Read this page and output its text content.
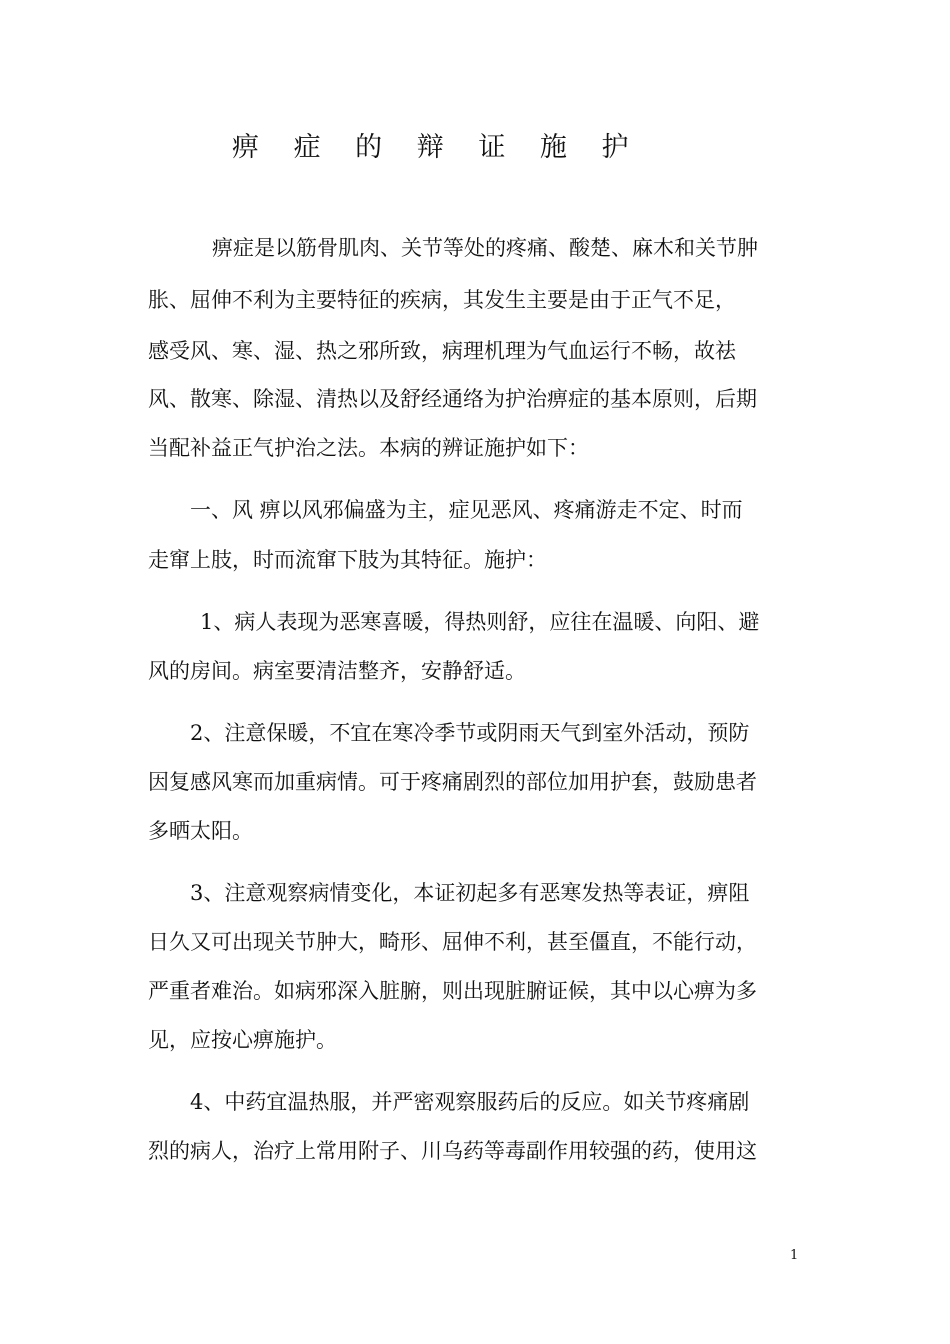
痹 症 的 辩 证 施 护
痹症是以筋骨肌肉、关节等处的疼痛、酸楚、麻木和关节肿
胀、屈伸不利为主要特征的疾病，其发生主要是由于正气不足，
感受风、寒、湿、热之邪所致，病理机理为气血运行不畅，故祛
风、散寒、除湿、清热以及舒经通络为护治痹症的基本原则，后期
当配补益正气护治之法。本病的辨证施护如下：
一、风 痹以风邪偏盛为主，症见恶风、疼痛游走不定、时而
走窜上肢，时而流窜下肢为其特征。施护：
1、病人表现为恶寒喜暖，得热则舒，应往在温暖、向阳、避
风的房间。病室要清洁整齐，安静舒适。
2、注意保暖，不宜在寒冷季节或阴雨天气到室外活动，预防
因复感风寒而加重病情。可于疼痛剧烈的部位加用护套，鼓励患者
多晒太阳。
3、注意观察病情变化，本证初起多有恶寒发热等表证，痹阻
日久又可出现关节肿大，畸形、屈伸不利，甚至僵直，不能行动，
严重者难治。如病邪深入脏腑，则出现脏腑证候，其中以心痹为多
见，应按心痹施护。
4、中药宜温热服，并严密观察服药后的反应。如关节疼痛剧
烈的病人，治疗上常用附子、川乌药等毒副作用较强的药，使用这
1
